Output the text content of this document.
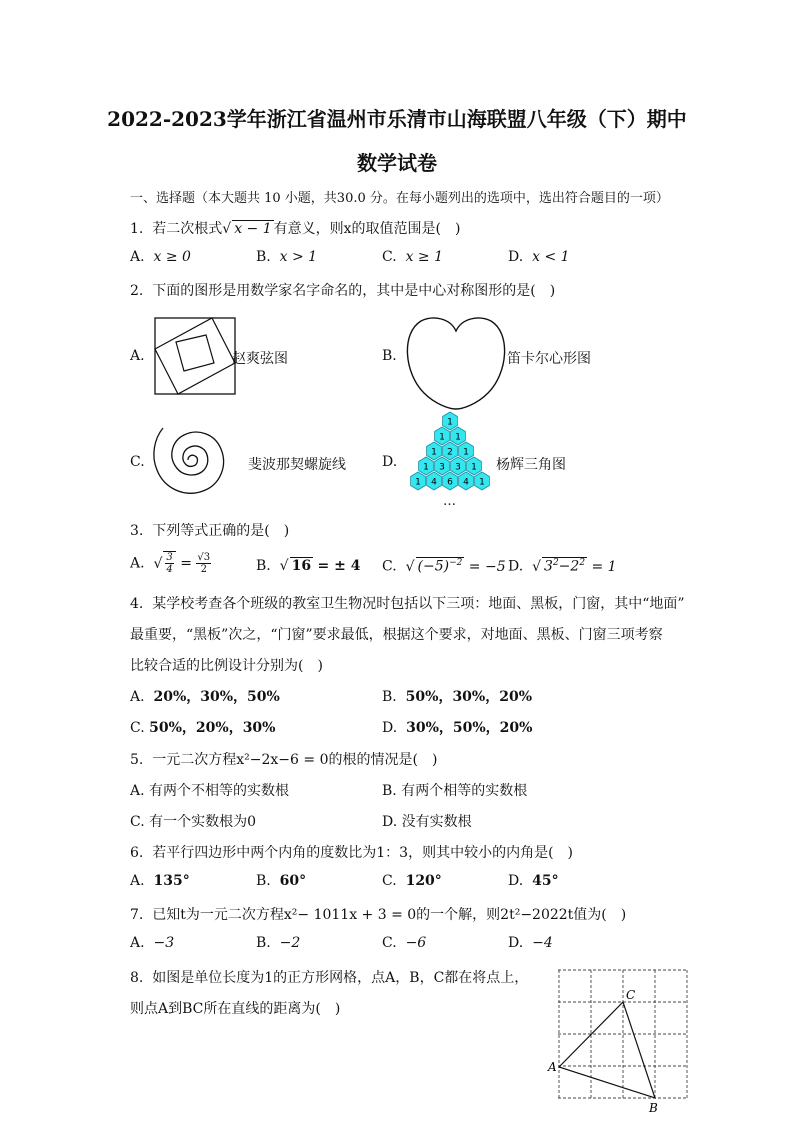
2022-2023学年浙江省温州市乐清市山海联盟八年级（下）期中
数学试卷
一、选择题（本大题共 10 小题，共30.0 分。在每小题列出的选项中，选出符合题目的一项）
1. 若二次根式√ x − 1 有意义，则x的取值范围是(　)
A. x ≥ 0	B. x > 1	C. x ≥ 1	D. x < 1
2. 下面的图形是用数学家名字命名的，其中是中心对称图形的是(　)
A.	赵爽弦图	B.	笛卡尔心形图
C.	斐波那契螺旋线	D.
1
1 1
1 2 1
1 3 3 1
1 4 6 4 1
杨辉三角图
…
3. 下列等式正确的是(　)
A. √ $\frac{3}{4} = \frac{√3}{2}$	B. √ 16 = ± 4 C. √ $(-5)^{-2} = -5$ D. √ $3^2-2^2 = 1$
4. 某学校考查各个班级的教室卫生物况时包括以下三项：地面、黑板，门窗，其中“地面”
最重要，“黑板”次之，“门窗”要求最低，根据这个要求，对地面、黑板、门窗三项考察
比较合适的比例设计分别为(　)
A. 20%，30%，50%	B. 50%，30%，20%
C. 50%，20%，30%	D. 30%，50%，20%
5. 一元二次方程x²−2x−6 = 0的根的情况是(　)
A. 有两个不相等的实数根	B. 有两个相等的实数根
C. 有一个实数根为0	D. 没有实数根
6. 若平行四边形中两个内角的度数比为1：3，则其中较小的内角是(　)
A. 135°	B. 60°	C. 120°	D. 45°
7. 已知t为一元二次方程x²− 1011x + 3 = 0的一个解，则2t²−2022t值为(　)
A. −3	B. −2	C. −6	D. −4
8. 如图是单位长度为1的正方形网格，点A，B，C都在将点上，
则点A到BC所在直线的距离为(　)
A
B
C
